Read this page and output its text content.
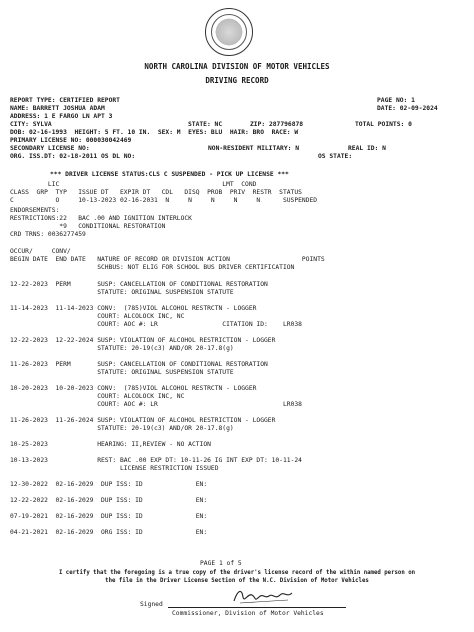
NORTH CAROLINA DIVISION OF MOTOR VEHICLES
DRIVING RECORD
REPORT TYPE: CERTIFIED REPORT	PAGE NO: 1
NAME: BARRETT JOSHUA ADAM	DATE: 02-09-2024
ADDRESS: 1 E FARGO LN APT 3
CITY: SYLVA	STATE: NC	ZIP: 287796878	TOTAL POINTS: 0
DOB: 02-16-1993  HEIGHT: 5 FT. 10 IN.  SEX: M  EYES: BLU  HAIR: BRO  RACE: W
PRIMARY LICENSE NO: 000030042469
SECONDARY LICENSE NO:	NON-RESIDENT MILITARY: N	REAL ID: N
ORG. ISS.DT: 02-18-2011 OS DL NO:	OS STATE:
*** DRIVER LICENSE STATUS:CLS C SUSPENDED - PICK UP LICENSE ***
LIC                                           LMT  COND
CLASS  GRP  TYP   ISSUE DT   EXPIR DT   CDL   DISQ  PROB  PRIV  RESTR  STATUS
C           O     10-13-2023 02-16-2031  N     N     N     N     N      SUSPENDED
ENDORSEMENTS:
RESTRICTIONS:22   BAC .00 AND IGNITION INTERLOCK
*9   CONDITIONAL RESTORATION
CRD TRNS: 0036277459
OCCUR/     CONV/
BEGIN DATE  END DATE   NATURE OF RECORD OR DIVISION ACTION                   POINTS
SCHBUS: NOT ELIG FOR SCHOOL BUS DRIVER CERTIFICATION
12-22-2023  PERM       SUSP: CANCELLATION OF CONDITIONAL RESTORATION
STATUTE: ORIGINAL SUSPENSION STATUTE
11-14-2023  11-14-2023 CONV:  (785)VIOL ALCOHOL RESTRCTN - LOGGER
COURT: ALCOLOCK INC, NC
COURT: AOC #: LR                 CITATION ID:    LR038
12-22-2023  12-22-2024 SUSP: VIOLATION OF ALCOHOL RESTRICTION - LOGGER
STATUTE: 20-19(c3) AND/OR 20-17.8(g)
11-26-2023  PERM       SUSP: CANCELLATION OF CONDITIONAL RESTORATION
STATUTE: ORIGINAL SUSPENSION STATUTE
10-20-2023  10-20-2023 CONV:  (785)VIOL ALCOHOL RESTRCTN - LOGGER
COURT: ALCOLOCK INC, NC
COURT: AOC #: LR                                 LR038
11-26-2023  11-26-2024 SUSP: VIOLATION OF ALCOHOL RESTRICTION - LOGGER
STATUTE: 20-19(c3) AND/OR 20-17.8(g)
10-25-2023             HEARING: II,REVIEW - NO ACTION
10-13-2023             REST: BAC .00 EXP DT: 10-11-26 IG INT EXP DT: 10-11-24
LICENSE RESTRICTION ISSUED
12-30-2022  02-16-2029  DUP ISS: ID              EN:
12-22-2022  02-16-2029  DUP ISS: ID              EN:
07-19-2021  02-16-2029  DUP ISS: ID              EN:
04-21-2021  02-16-2029  ORG ISS: ID              EN:
PAGE 1 of 5
I certify that the foregoing is a true copy of the driver's license record of the within named person on
the file in the Driver License Section of the N.C. Division of Motor Vehicles
Signed
Commissioner, Division of Motor Vehicles
